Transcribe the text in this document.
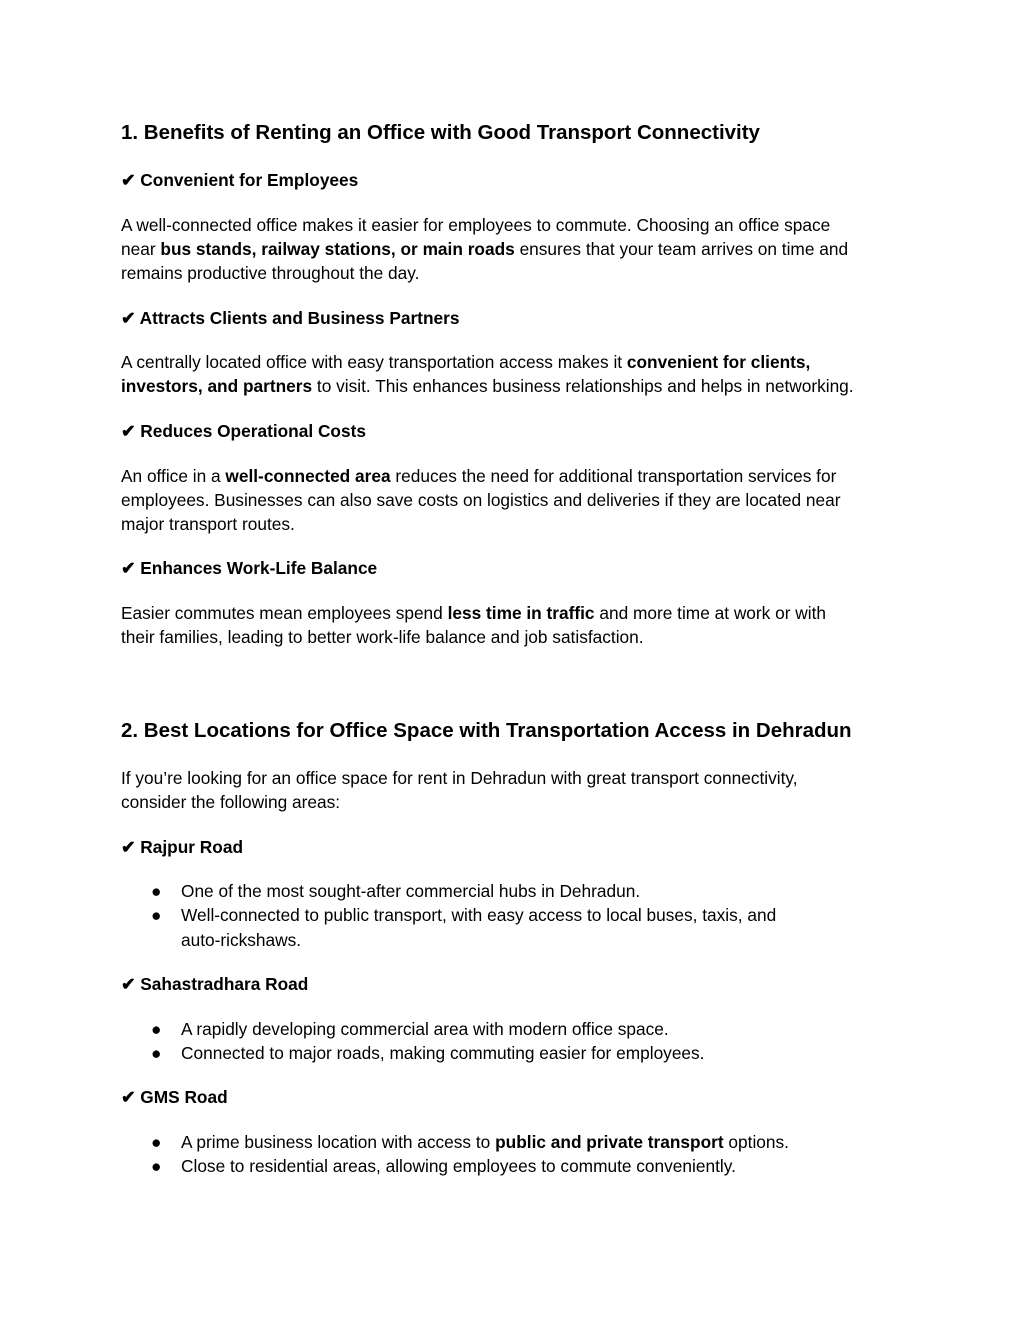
1. Benefits of Renting an Office with Good Transport Connectivity
✔ Convenient for Employees

A well-connected office makes it easier for employees to commute. Choosing an office space

near bus stands, railway stations, or main roads ensures that your team arrives on time and

remains productive throughout the day.

✔ Attracts Clients and Business Partners

A centrally located office with easy transportation access makes it convenient for clients,

investors, and partners to visit. This enhances business relationships and helps in networking.

✔ Reduces Operational Costs

An office in a well-connected area reduces the need for additional transportation services for

employees. Businesses can also save costs on logistics and deliveries if they are located near

major transport routes.

✔ Enhances Work-Life Balance

Easier commutes mean employees spend less time in traffic and more time at work or with

their families, leading to better work-life balance and job satisfaction.

2. Best Locations for Office Space with Transportation Access in Dehradun

If you’re looking for an office space for rent in Dehradun with great transport connectivity,

consider the following areas:

✔ Rajpur Road
● One of the most sought-after commercial hubs in Dehradun.
● Well-connected to public transport, with easy access to local buses, taxis, and
auto-rickshaws.
✔ Sahastradhara Road
● A rapidly developing commercial area with modern office space.
● Connected to major roads, making commuting easier for employees.
✔ GMS Road
● A prime business location with access to public and private transport options.
● Close to residential areas, allowing employees to commute conveniently.
